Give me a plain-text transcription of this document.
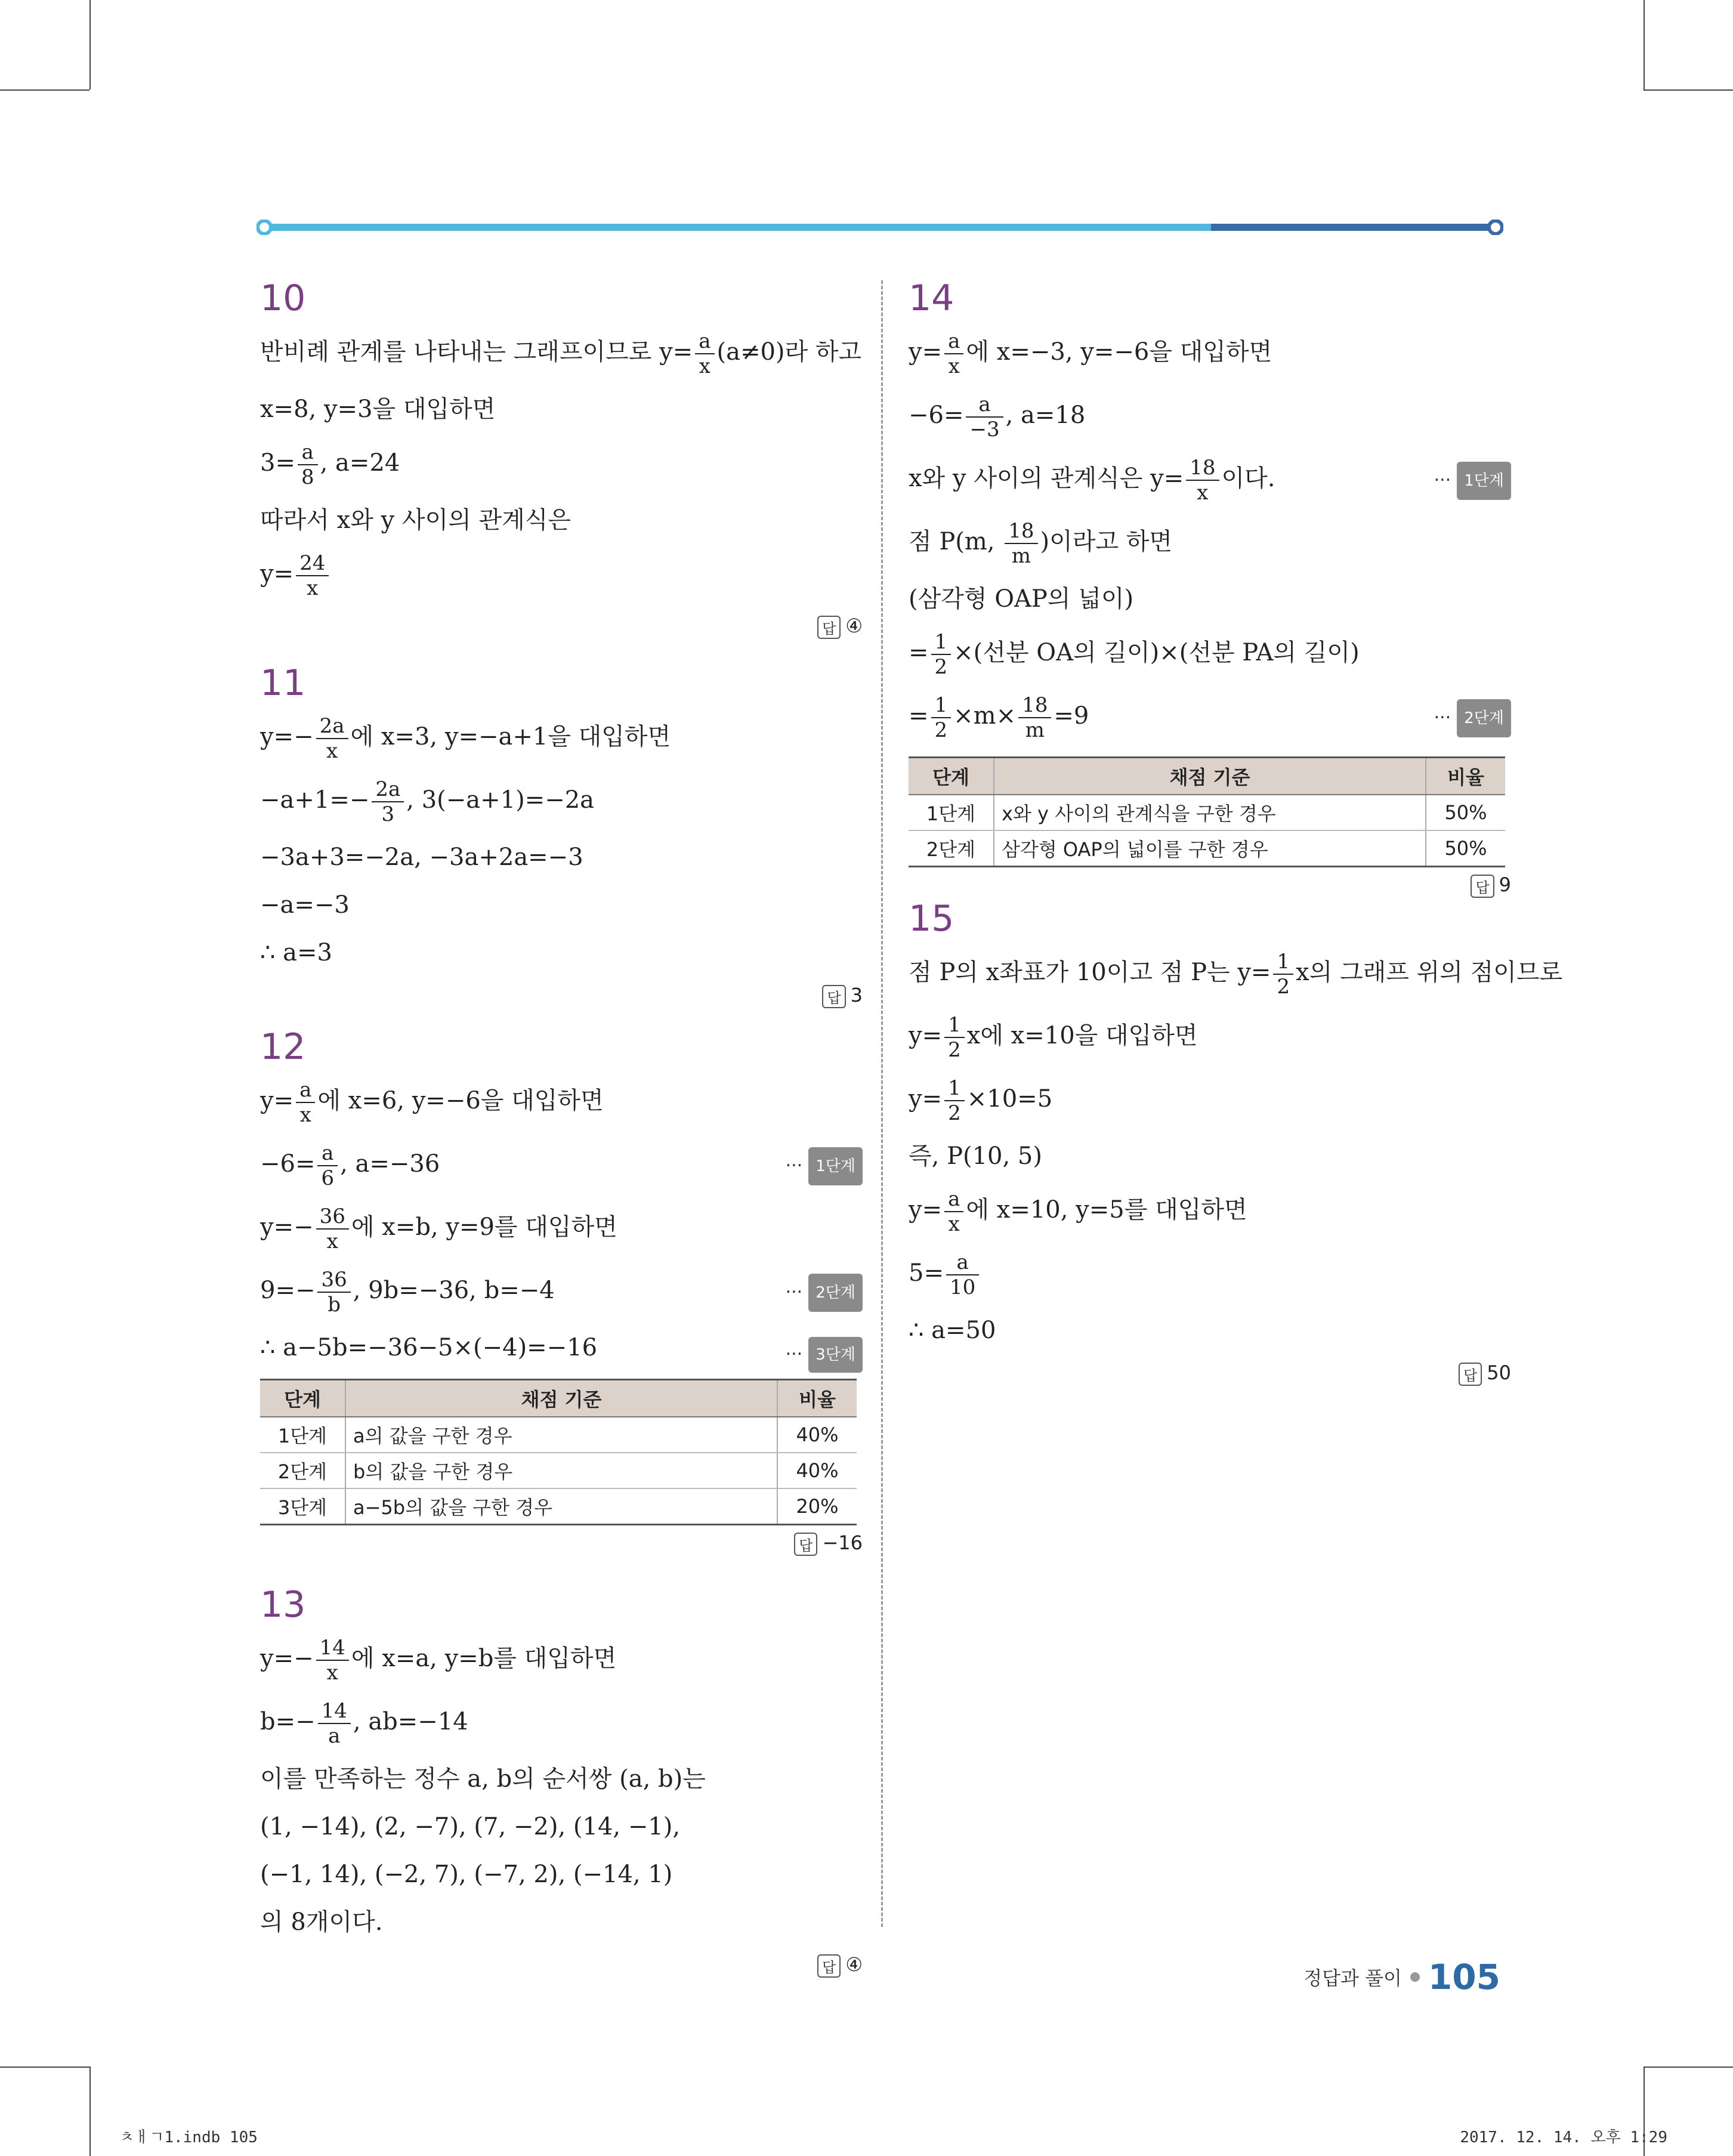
10
반비례 관계를 나타내는 그래프이므로 $y= \frac{a}{x} (a\ne 0)$라 하고
x=8, y=3을 대입하면
$3= \frac{a}{8}$ , a=24
따라서 x와 y 사이의 관계식은
$y= \frac{24}{x}$
답 ④
11
$y=- \frac{2a}{x}$ 에 x=3, y=−a+1을 대입하면
$-a+1=- \frac{2a}{3}$ , 3(−a+1)=−2a
−3a+3=−2a, −3a+2a=−3
−a=−3
∴ a=3
답 3
12
$y= \frac{a}{x}$ 에 x=6, y=−6을 대입하면
$-6= \frac{a}{6}$ , a=−36	··· 1단계
$y=- \frac{36}{x}$ 에 x=b, y=9를 대입하면
$9=- \frac{36}{b}$ , 9b=−36, b=−4	··· 2단계
∴ a−5b=−36−5×(−4)=−16	··· 3단계
단계	채점 기준	비율
1단계	a의 값을 구한 경우	40%
2단계	b의 값을 구한 경우	40%
3단계	a−5b의 값을 구한 경우	20%
답 −16
13
$y=- \frac{14}{x}$ 에 x=a, y=b를 대입하면
$b=- \frac{14}{a}$ , ab=−14
이를 만족하는 정수 a, b의 순서쌍 (a, b)는
(1, −14), (2, −7), (7, −2), (14, −1),
(−1, 14), (−2, 7), (−7, 2), (−14, 1)
의 8개이다.
답 ④
14
$y= \frac{a}{x}$ 에 x=−3, y=−6을 대입하면
$-6= \frac{a}{-3}$ , a=18
x와 y 사이의 관계식은 $y= \frac{18}{x}$ 이다.	··· 1단계
점 P(m, $\frac{18}{m}$ )이라고 하면
(삼각형 OAP의 넓이)
= $\frac{1}{2}$ ×(선분 OA의 길이)×(선분 PA의 길이)
= $\frac{1}{2} \times m\times \frac{18}{m} =9$	··· 2단계
단계	채점 기준	비율
1단계	x와 y 사이의 관계식을 구한 경우	50%
2단계	삼각형 OAP의 넓이를 구한 경우	50%
답 9
15
점 P의 x좌표가 10이고 점 P는 $y= \frac{1}{2}$ x의 그래프 위의 점이므로
$y= \frac{1}{2}$ x에 x=10을 대입하면
$y= \frac{1}{2} \times 10=5$
즉, P(10, 5)
$y= \frac{a}{x}$ 에 x=10, y=5를 대입하면
$5= \frac{a}{10}$
∴ a=50
답 50
정답과 풀이 105
ㅊㅐㄱ1.indb 105	2017. 12. 14. 오후 1:29
